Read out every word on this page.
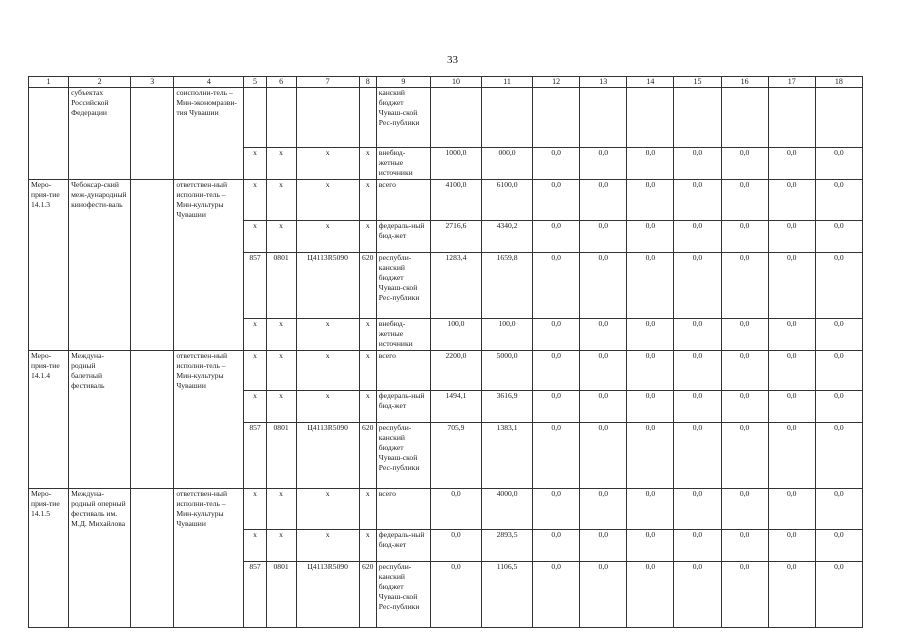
33
1	2	3	4	5	6	7	8	9	10	11	12	13	14	15	16	17	18
	субъектах Российской Федерации		соисполни-тель – Мин-экономразви-тия Чувашии					канский бюджет Чуваш-ской Рес-публики									
				x	x	x	x	внебюд-жетные источники	1000,0	000,0	0,0	0,0	0,0	0,0	0,0	0,0	0,0
Меро-прия-тие 14.1.3	Чебоксар-ский меж-дународный кинофести-валь		ответствен-ный исполни-тель – Мин-культуры Чувашии	x	x	x	x	всего	4100,0	6100,0	0,0	0,0	0,0	0,0	0,0	0,0	0,0
				x	x	x	x	федераль-ный бюд-жет	2716,6	4340,2	0,0	0,0	0,0	0,0	0,0	0,0	0,0
				857	0801	Ц4113R5090	620	республи-канский бюджет Чуваш-ской Рес-публики	1283,4	1659,8	0,0	0,0	0,0	0,0	0,0	0,0	0,0
				x	x	x	x	внебюд-жетные источники	100,0	100,0	0,0	0,0	0,0	0,0	0,0	0,0	0,0
Меро-прия-тие 14.1.4	Междуна-родный балетный фестиваль		ответствен-ный исполни-тель – Мин-культуры Чувашии	x	x	x	x	всего	2200,0	5000,0	0,0	0,0	0,0	0,0	0,0	0,0	0,0
				x	x	x	x	федераль-ный бюд-жет	1494,1	3616,9	0,0	0,0	0,0	0,0	0,0	0,0	0,0
				857	0801	Ц4113R5090	620	республи-канский бюджет Чуваш-ской Рес-публики	705,9	1383,1	0,0	0,0	0,0	0,0	0,0	0,0	0,0
Меро-прия-тие 14.1.5	Междуна-родный оперный фестиваль им. М.Д. Михайлова		ответствен-ный исполни-тель – Мин-культуры Чувашии	x	x	x	x	всего	0,0	4000,0	0,0	0,0	0,0	0,0	0,0	0,0	0,0
				x	x	x	x	федераль-ный бюд-жет	0,0	2893,5	0,0	0,0	0,0	0,0	0,0	0,0	0,0
				857	0801	Ц4113R5090	620	республи-канский бюджет Чуваш-ской Рес-публики	0,0	1106,5	0,0	0,0	0,0	0,0	0,0	0,0	0,0
